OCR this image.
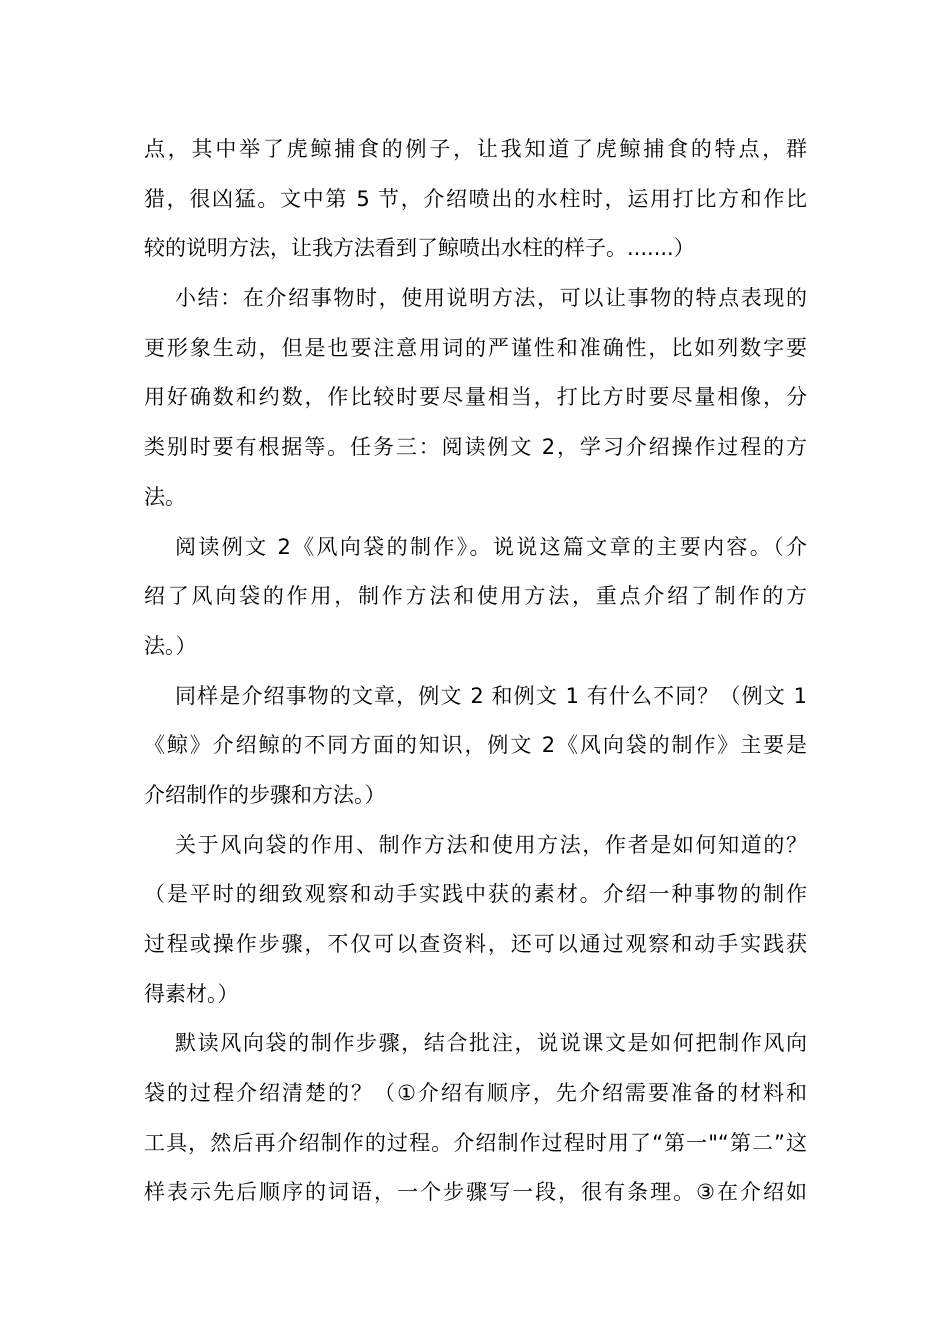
点，其中举了虎鲸捕食的例子，让我知道了虎鲸捕食的特点，群
猎，很凶猛。文中第 5 节，介绍喷出的水柱时，运用打比方和作比
较的说明方法，让我方法看到了鲸喷出水柱的样子。.......）
小结：在介绍事物时，使用说明方法，可以让事物的特点表现的
更形象生动，但是也要注意用词的严谨性和准确性，比如列数字要
用好确数和约数，作比较时要尽量相当，打比方时要尽量相像，分
类别时要有根据等。任务三：阅读例文 2，学习介绍操作过程的方
法。
阅读例文 2《风向袋的制作》。说说这篇文章的主要内容。（介
绍了风向袋的作用，制作方法和使用方法，重点介绍了制作的方
法。）
同样是介绍事物的文章，例文 2 和例文 1 有什么不同？（例文 1
《鲸》介绍鲸的不同方面的知识，例文 2《风向袋的制作》主要是
介绍制作的步骤和方法。）
关于风向袋的作用、制作方法和使用方法，作者是如何知道的？
（是平时的细致观察和动手实践中获的素材。介绍一种事物的制作
过程或操作步骤，不仅可以查资料，还可以通过观察和动手实践获
得素材。）
默读风向袋的制作步骤，结合批注，说说课文是如何把制作风向
袋的过程介绍清楚的？（①介绍有顺序，先介绍需要准备的材料和
工具，然后再介绍制作的过程。介绍制作过程时用了“第一"“第二”这
样表示先后顺序的词语，一个步骤写一段，很有条理。③在介绍如
